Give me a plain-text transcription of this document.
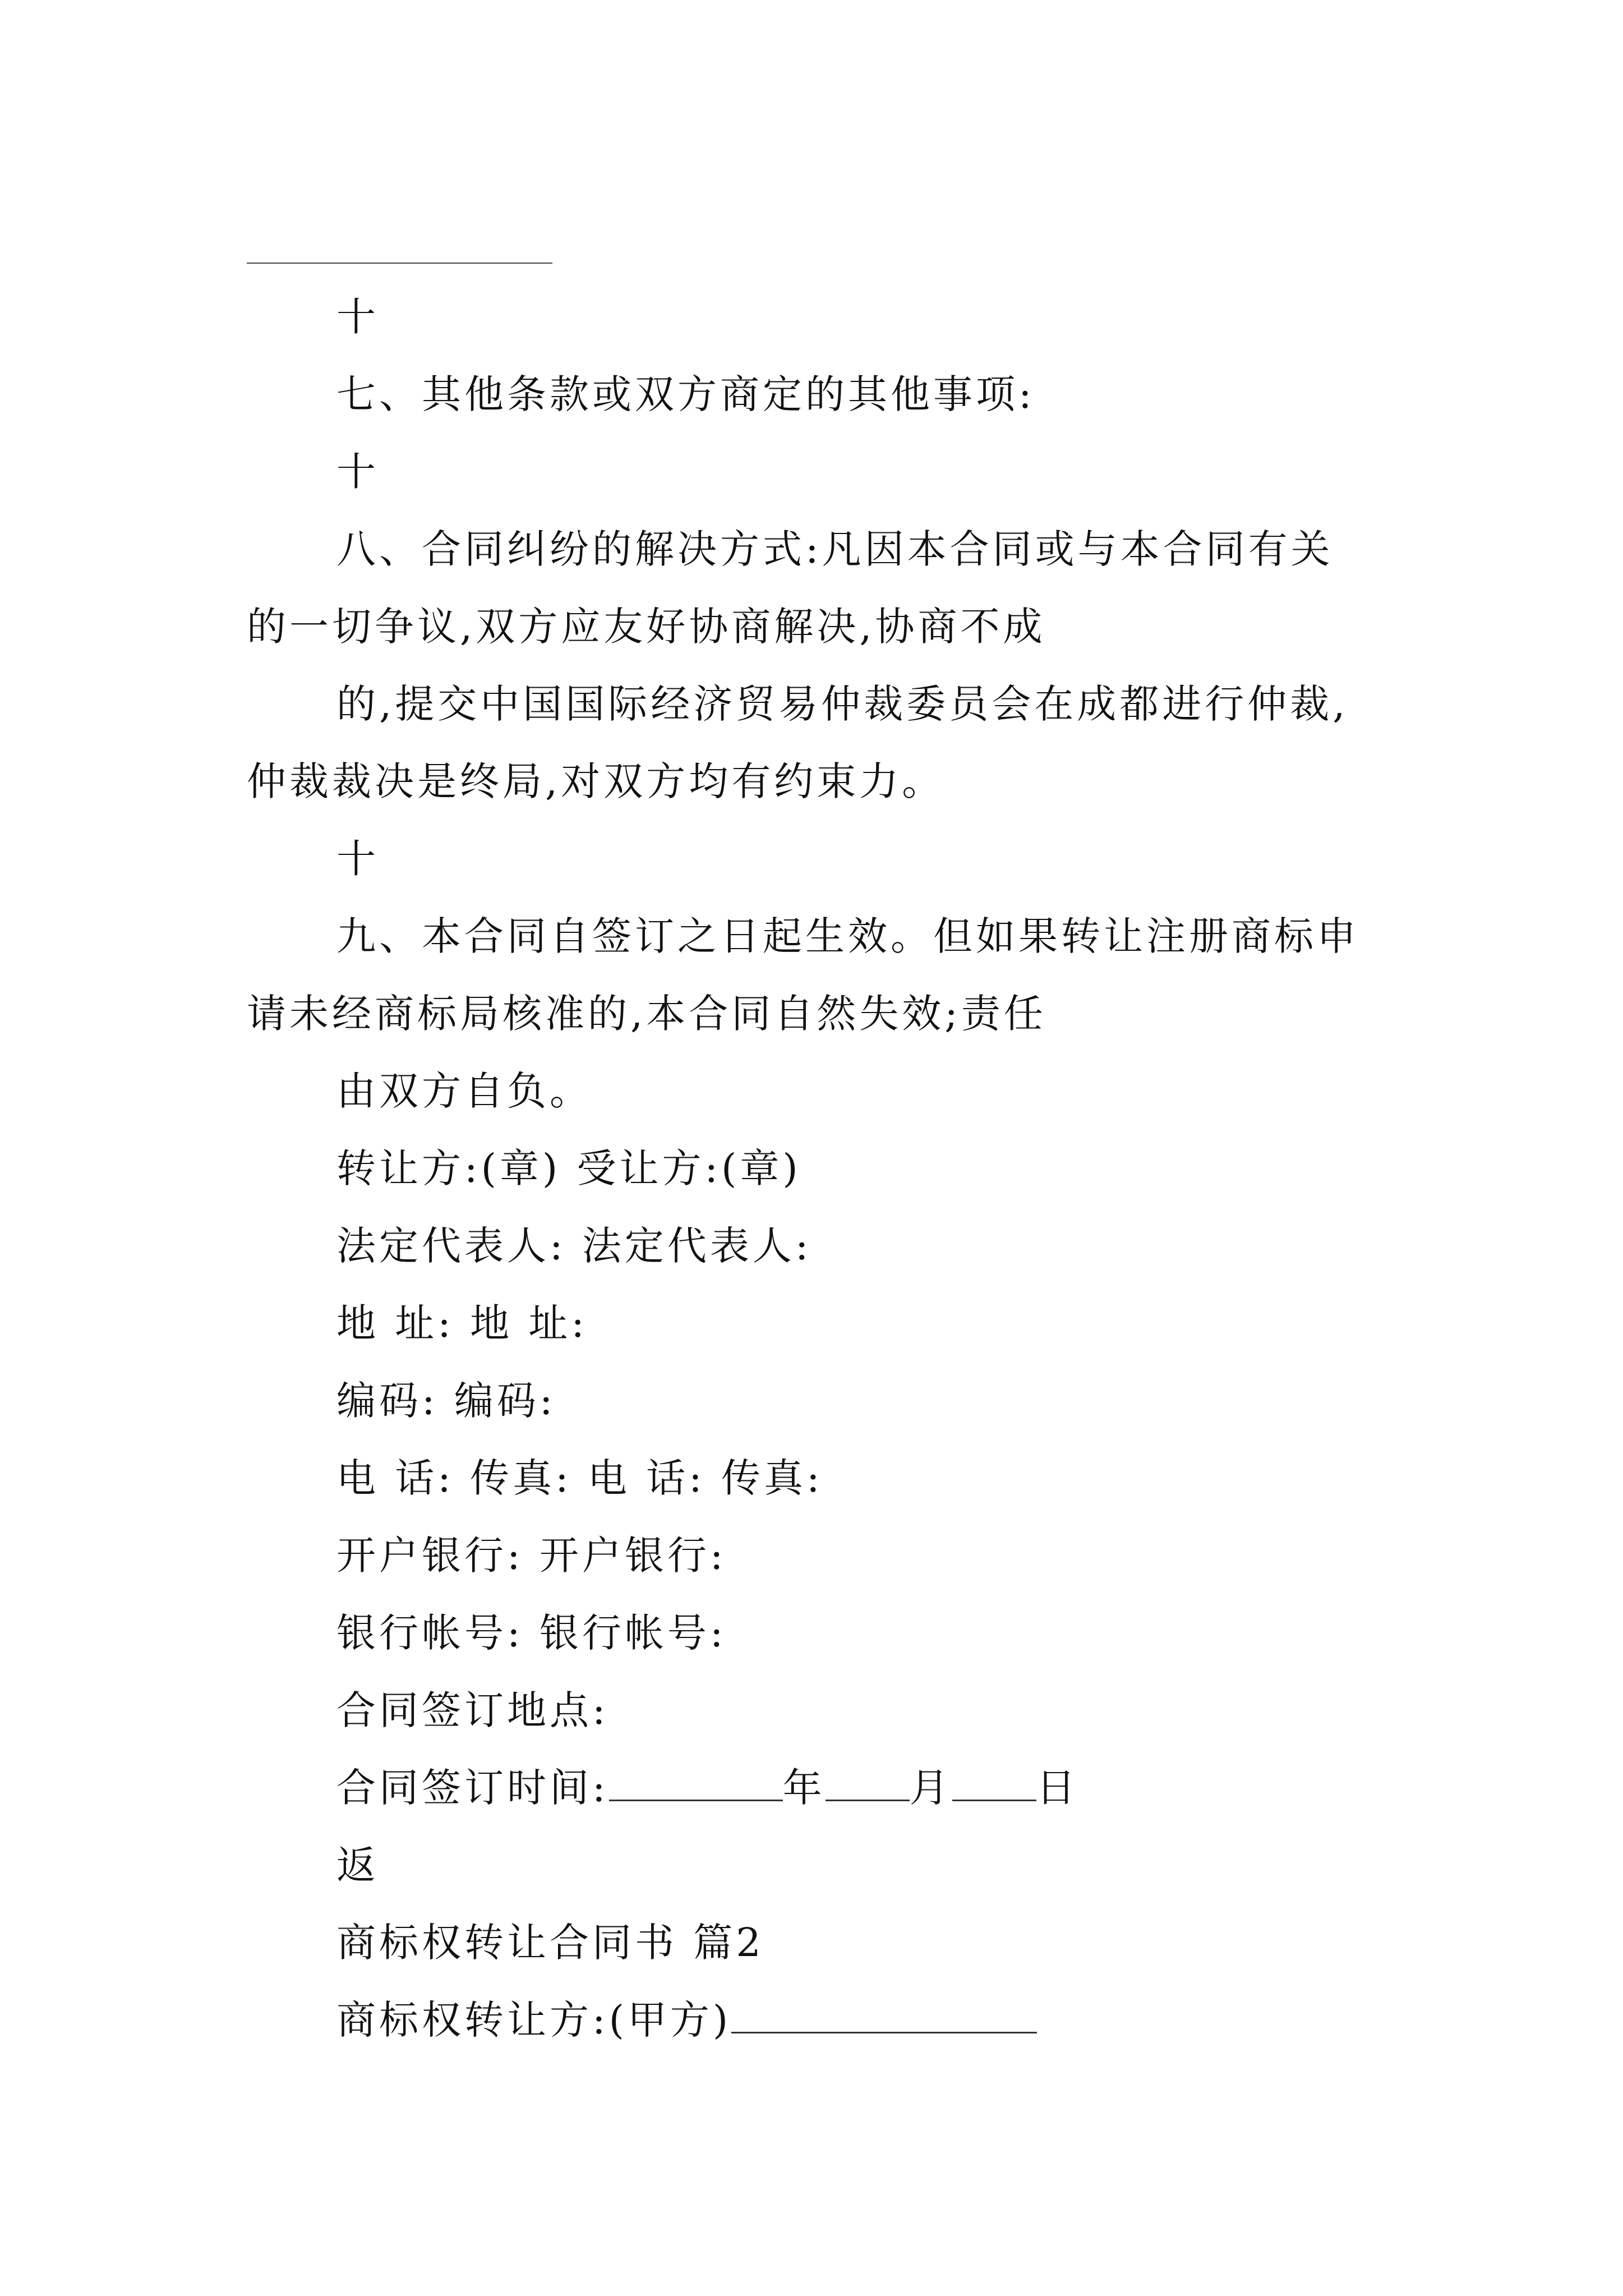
十
七、其他条款或双方商定的其他事项:
十
八、合同纠纷的解决方式:凡因本合同或与本合同有关
的一切争议,双方应友好协商解决,协商不成
的,提交中国国际经济贸易仲裁委员会在成都进行仲裁,
仲裁裁决是终局,对双方均有约束力。
十
九、本合同自签订之日起生效。但如果转让注册商标申
请未经商标局核准的,本合同自然失效;责任
由双方自负。
转让方:(章) 受让方:(章)
法定代表人: 法定代表人:
地 址: 地 址:
编码: 编码:
电 话: 传真: 电 话: 传真:
开户银行: 开户银行:
银行帐号: 银行帐号:
合同签订地点:
合同签订时间:	年 月 日
返
商标权转让合同书 篇2
商标权转让方:(甲方)
